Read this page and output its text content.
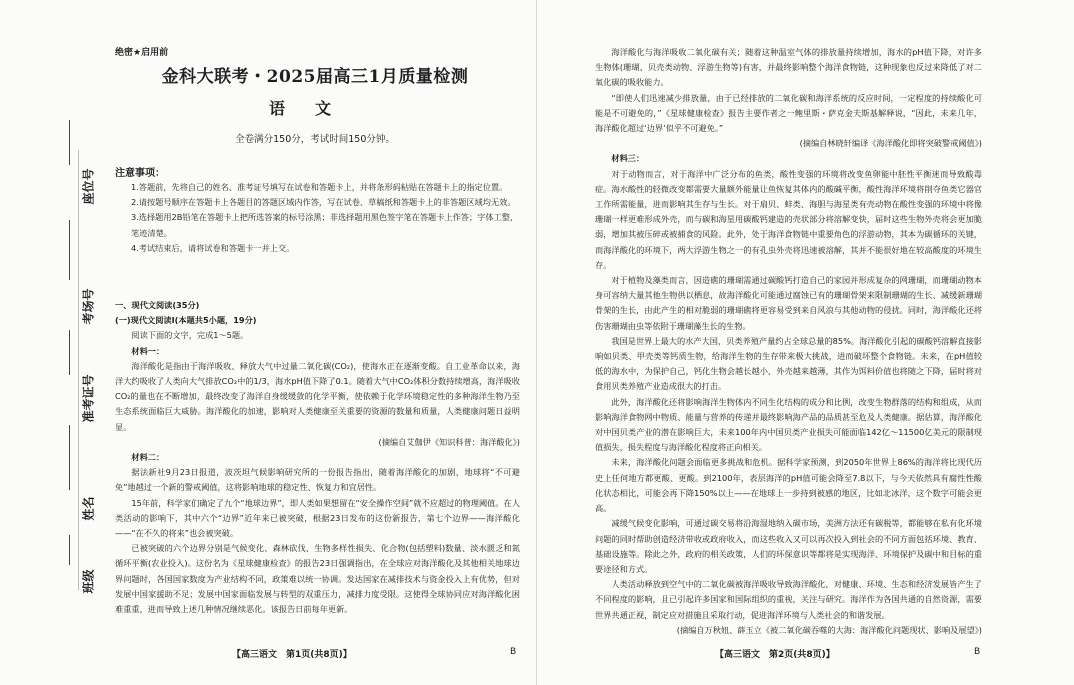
座位号
考场号
准考证号
姓名
班级
绝密★启用前
金科大联考・2025届高三1月质量检测
语文
全卷满分150分，考试时间150分钟。
注意事项：

1.答题前，先将自己的姓名、准考证号填写在试卷和答题卡上，并将条形码粘贴在答题卡上的指定位置。

2.请按题号顺序在答题卡上各题目的答题区域内作答，写在试卷、草稿纸和答题卡上的非答题区域均无效。

3.选择题用2B铅笔在答题卡上把所选答案的标号涂黑；非选择题用黑色签字笔在答题卡上作答；字体工整，笔迹清楚。

4.考试结束后，请将试卷和答题卡一并上交。

一、现代文阅读(35分)

(一)现代文阅读Ⅰ(本题共5小题，19分)

阅读下面的文字，完成1～5题。

材料一：

海洋酸化是指由于海洋吸收、释放大气中过量二氧化碳(CO₂)，使海水正在逐渐变酸。自工业革命以来，海洋大约吸收了人类向大气排放CO₂中的1/3，海水pH值下降了0.1。随着大气中CO₂体积分数持续增高，海洋吸收CO₂的量也在不断增加，最终改变了海洋自身缓缓敛的化学平衡，使依赖于化学环境稳定性的多种海洋生物乃至生态系统面临巨大威胁。海洋酸化的加速，影响对人类健康至关重要的资源的数量和质量，人类健康问题日益明显。

(摘编自艾伽伊《知识科普：海洋酸化》)

材料二：

据法新社9月23日报道，波茨坦气候影响研究所的一份报告指出，随着海洋酸化的加剧，地球将“不可避免”地越过一个新的警戒阈值，这将影响地球的稳定性、恢复力和宜居性。

15年前，科学家们确定了九个“地球边界”，即人类如果想留在“安全操作空间”就不应超过的物理阈值。在人类活动的影响下，其中六个“边界”近年来已被突破，根据23日发布的这份新报告，第七个边界——海洋酸化——“在不久的将来”也会被突破。

已被突破的六个边界分别是气候变化、森林砍伐、生物多样性损失、化合物(包括塑料)数量、淡水匮乏和氮循环平衡(农业投入)。这份名为《星球健康检查》的报告23日强调指出，在全球应对海洋酸化及其他相关地球边界问题时，各国国家数度为产业结构不同，政策难以统一协调。发达国家在减排技术与资金投入上有优势，但对发展中国家援助不足；发展中国家面临发展与转型的双重压力，减排力度受限。这使得全球协同应对海洋酸化困难重重，进而导致上述几种情况继续恶化。该报告日前每年更新。

【高三语文　第1页(共8页)】	B

海洋酸化与海洋吸收二氧化碳有关；随着这种温室气体的排放量持续增加，海水的pH值下降，对许多生物体(珊瑚、贝壳类动物、浮游生物等)有害，并最终影响整个海洋食物链，这种现象也反过来降低了对二氧化碳的吸收能力。

“即使人们迅速减少排放量，由于已经排放的二氧化碳和海洋系统的反应时间，一定程度的持续酸化可能是不可避免的，”《星球健康检查》报告主要作者之一鲍里斯・萨克金夫斯基解释说，“因此，未来几年，海洋酸化超过‘边界’似乎不可避免。”

(摘编自林晓轩编译《海洋酸化即将突破警戒阈值》)

材料三：

对于动物而言，对于海洋中广泛分布的鱼类，酸性变强的环境将改变鱼卵能中胚性平衡迷而导致酸毒症。海水酸性的轻微改变都需要大量额外能量让鱼恢复其体内的酸碱平衡，酸性海洋环境将削夺鱼类它器官工作所需能量，进而影响其生存与生长。对于扇贝、蚌类、海胆与海星类有壳动物在酸性变强的环境中将像珊瑚一样更难形成外壳，而与碳和海星用碳酸钙建造的壳状部分将溶解变快，届时这些生物外壳将会更加脆弱，增加其被压碎或被捕食的风险。此外，处于海洋食物链中重要角色的浮游动物，其本为碳循环的关键，而海洋酸化的环境下，两大浮游生物之一的有孔虫外壳将迅速被溶解，其并不能很好地在较高酸度的环境生存。

对于植物及藻类而言，因造礁的珊瑚需通过碳酸钙打造自己的家园并形成复杂的网珊瑚，而珊瑚动物本身可容纳大量其他生物供以栖息，故海洋酸化可能通过腐蚀已有的珊瑚骨架来限制珊瑚的生长、减缓新珊瑚骨架的生长，由此产生的相对脆弱的珊瑚礁将更容易受到来自风浪与其他动物的侵扰。同时，海洋酸化还将伤害珊瑚由虫等依附于珊瑚藻生长的生物。

我国是世界上最大的水产大国，贝类养殖产量约占全球总量的85%。海洋酸化引起的碳酸钙溶解直接影响如贝类、甲壳类等钙质生物，给海洋生物的生存带来极大挑战，进而破坏整个食物链。未来，在pH值较低的海水中，为保护自己，钙化生物会越长越小、外壳越来越薄，其作为饵料价值也将随之下降，届时将对食用贝类养殖产业造成很大的打击。

此外，海洋酸化还将影响海洋生物体内不同生化结构的成分和比例，改变生物群落的结构和组成，从而影响海洋食物网中物质、能量与营养的传递并最终影响海产品的品质甚至危及人类健康。据估算，海洋酸化对中国贝类产业的潜在影响巨大，未来100年内中国贝类产业损失可能面临142亿～11500亿美元的限制现值损失，损失程度与海洋酸化程度将正向相关。

未来，海洋酸化问题会面临更多挑战和危机。据科学家预测，到2050年世界上86%的海洋将比现代历史上任何地方都更酸、更酸。到2100年，表层海洋的pH值可能会降至7.8以下，与今天依然具有腐性性酸化状态相比，可能会再下降150%以上——在地球上一步持到被感的地区，比如北冰洋，这个数字可能会更高。

减缓气候变化影响，可通过碳交易将沿海湿地纳入碳市场，美洲方法还有碳税等，都能够在私有化环境问题的同时帮助创造经济带收或政府收入，而这些收入又可以再次投入到社会的不同方面包括环境、教育、基础设施等。除此之外，政府的相关政策，人们的环保意识等都将是实现海洋、环境保护及碳中和目标的重要途径和方式。

人类活动释放到空气中的二氧化碳被海洋吸收导致海洋酸化，对健康、环境、生态和经济发展皆产生了不同程度的影响，且已引起许多国家和国际组织的重视，关注与研究。海洋作为各国共通的自然资源，需要世界共通正视，制定应对措施且采取行动，促进海洋环境与人类社会的和谐发展。

(摘编自万秋妞、薛玉立《被二氧化碳吞噬的大海：海洋酸化问题现状、影响及展望》)

【高三语文　第2页(共8页)】	B
